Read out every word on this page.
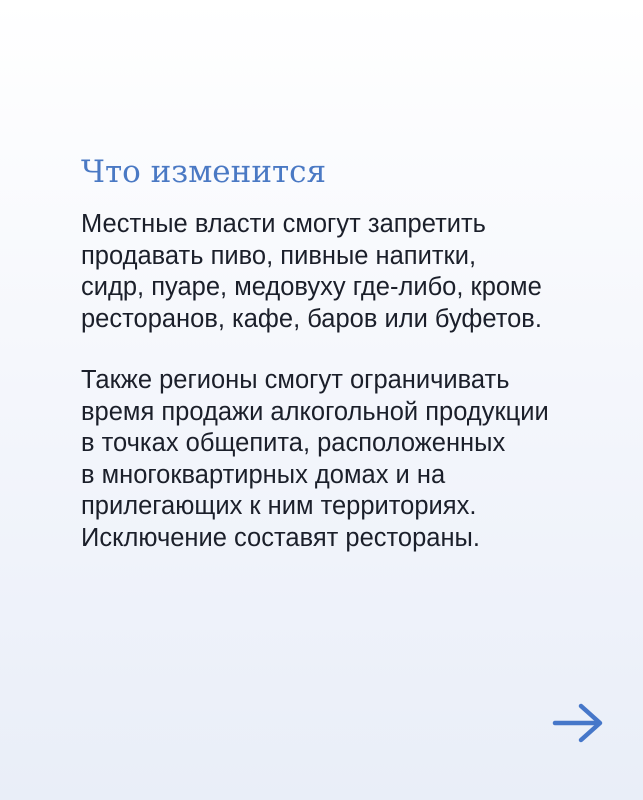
Что изменится

Местные власти смогут запретить
продавать пиво, пивные напитки,
сидр, пуаре, медовуху где-либо, кроме
ресторанов, кафе, баров или буфетов.

Также регионы смогут ограничивать
время продажи алкогольной продукции
в точках общепита, расположенных
в многоквартирных домах и на
прилегающих к ним территориях.
Исключение составят рестораны.
